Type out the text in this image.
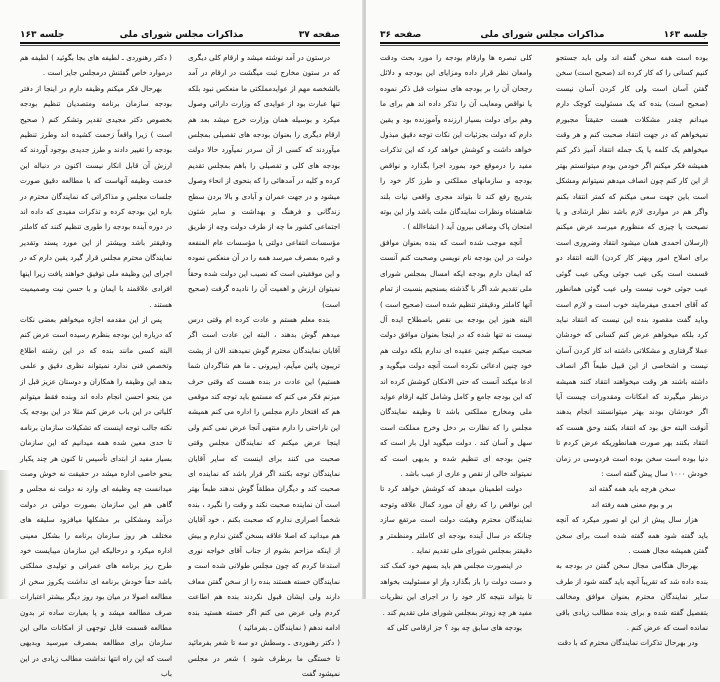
صفحه ۳۷
مذاکرات مجلس شورای ملی
جلسه ۱۶۳

درستون در آمد نوشته میشد و ارقام کلی دیگری که در ستون مخارج ثبت میگشت در ارقام در آمد بالشخصه مهم از عوایدمملکتی ما منعکس نبود بلکه تنها عبارت بود از عوایدی که وزارت دارائی وصول میکرد و بوسیله همان وزارت خرج میشد بعد هم ارقام دیگری را بعنوان بودجه های تفصیلی بمجلس میآوردند که کسی از آن سردر نمیآورد حالا دولت بودجه های کلی و تفصیلی را باهم بمجلس تقدیم کرده و کلیه در آمدهائی را که بنحوی از انحاء وصول میشود و در جهت عمران و آبادی و بالا بردن سطح زندگانی و فرهنگ و بهداشت و سایر شئون اجتماعی کشور ما چه از طرف دولت وچه از طریق مؤسسات انتفاعی دولتی یا مؤسسات عام المنفعه و غیره بمصرف میرسد همه را در آن منعکس نموده و این موفقیتی است که نصیب این دولت شده وحقاً نمیتوان ارزش و اهمیت آن را نادیده گرفت (صحیح است)

بنده معلم هستم و عادت کرده ام وقتی درس میدهم گوش بدهند ، البته این عادت است اگر آقایان نمایندگان محترم گوش نمیدهند الان از پشت تریبون پائین میآیم، (پیرونی ـ ما هم شاگردان شما هستیم) این عادت در بنده هست که وقتی حرف میزنم فکر می کنم که مستمع باید توجه کند موقعی هم که افتخار دارم مجلس را اداره می کنم همیشه این ناراحتی را دارم منتهی آنجا عرض نمی کنم ولی اینجا عرض میکنم که نمایندگان مجلس وقتی صحبت می کنند برای اینست که سایر آقایان نمایندگان توجه بکنند اگر قرار باشد که نماینده ای صحبت کند و دیگران مطلقاً گوش ندهند طبعاً بهتر است آن نماینده صحبت نکند و وقت را نگیرد ، بنده شخصاً اصراری ندارم که صحبت بکنم ، خود آقایان هم میدانید که اصلا علاقه بسخن گفتن ندارم و بیش از اینکه مزاحم بشوم از جناب آقای خواجه نوری استدعا کردم که چون مجلس طولانی شده است و نمایندگان خسته هستند بنده را از سخن گفتن معاف دارند ولی ایشان قبول نکردند بنده هم اطاعت کردم ولی عرض می کنم اگر خسته هستید بنده ادامه ندهم ( نمایندگان ـ بفرمائید )

( دکتر رهنوردی ـ وسطش دو سه تا شعر بفرمائید تا خستگی ما برطرف شود ) شعر در مجلس نمیشود گفت

( دکتر رهنوردی ـ لطیفه های بجا بگوئید ) لطیفه هم درموارد خاص گفتنش درمجلس جایز است .

بهرحال فکر میکنم وظیفه دارم در اینجا از دفتر بودجه سازمان برنامه ومتصدیان تنظیم بودجه بخصوص دکتر مجیدی تقدیر وتشکر کنم ( صحیح است ) زیرا واقعاً زحمت کشیده اند وطرز تنظیم بودجه را تغییر دادند و طرز جدیدی بوجود آوردند که ارزش آن قابل انکار نیست اکنون در دنباله این خدمت وظیفه آنهاست که با مطالعه دقیق صورت جلسات مجلس و مذاکراتی که نمایندگان محترم در باره این بودجه کرده و تذکرات مفیدی که داده اند در دوره آینده بودجه را طوری تنظیم کنند که کاملتر ودقیقتر باشد وبیشتر از این مورد پسند وتقدیر نمایندگان محترم مجلس قرار گیرد یقین دارم که در اجرای این وظیفه ملی توفیق خواهند یافت زیرا اینها افرادی علاقمند با ایمان و با حسن نیت وصمیمیت هستند .

پس از این مقدمه اجازه میخواهم بعضی نکات که درباره این بودجه بنظرم رسیده است عرض کنم البته کسی مانند بنده که در این رشته اطلاع وتخصص فنی ندارد نمیتواند نظری دقیق و علمی بدهد این وظیفه را همکاران و دوستان عزیز قبل از من بنحو احسن انجام داده اند وبنده فقط میتوانم کلیاتی در این باب عرض کنم مثلا در این بودجه یک نکته جالب توجه اینست که تشکیلات سازمان برنامه تا حدی معین شده همه میدانیم که این سازمان بسیار مفید از ابتدای تأسیس تا کنون هر چند یکبار بنحو خاصی اداره میشد در حقیقت نه خوش وصت میدانست چه وظیفه ای وارد نه دولت نه مجلس و گاهی هم این سازمان بصورت دولتی در دولت درآمد ومشکلی بر مشکلها میافزود سلیقه های مختلف هر روز سازمان برنامه را بشکل معینی اداره میکرد و درحالیکه این سازمان میبایست خود طرح ریز برنامه های عمرانی و تولیدی مملکتی باشد حقاً خودش برنامه ای نداشت یکروز سخن از مطالعه اصولا در میان بود روز دیگر بیشتر اعتبارات صرف مطالعه میشد و یا بعبارت ساده تر بدون مطالعه قسمت قابل توجهی از امکانات مالی این سازمان برای مطالعه بمصرف میرسید وبدیهی است که این راه انتها نداشت مطالب زیادی در این باب

جلسه ۱۶۳
مذاکرات مجلس شورای ملی
صفحه ۳۶

بوده است همه سخن گفته اند ولی باید جستجو کنیم کسانی را که کار کرده اند (صحیح است) سخن گفتن آسان است ولی کار کردن آسان نیست (صحیح است) بنده که یک مسئولیت کوچک دارم میدانم چقدر مشکلات هست حقیقتاً مجبورم نمیخواهم که در جهت انتقاد صحبت کنم و هر وقت میخواهم یک کلمه یا یک جمله انتقاد آمیز ذکر کنم همیشه فکر میکنم اگر خودمن بودم میتوانستم بهتر از این کار کنم چون انصاف میدهم نمیتوانم ومشکل است باین جهت سعی میکنم که کمتر انتقاد بکنم واگر هم در مواردی لازم باشد نظر ارشادی و یا نصیحت یا چیزی که منظورم میرسد عرض میکنم (ارسلان احمدی همان میشود انتقاد وضروری است برای اصلاح امور وبهتر کار کردن) البته انتقاد دو قسمت است یکی عیب جوئی ویکی عیب گوئی عیب جوئی خوب نیست ولی عیب گوئی همانطور که آقای احمدی میفرمایند خوب است و لازم است وباید گفت مقصود بنده این نیست که انتقاد نباید کرد بلکه میخواهم عرض کنم کسانی که خودشان عملا گرفتاری و مشکلاتی داشته اند کار کردن آسان نیست و اشخاصی از این قبیل طبعاً اگر انصاف داشته باشند هر وقت میخواهند انتقاد کنند همیشه درنظر میگیرند که امکانات ومقدورات چیست آیا اگر خودشان بودند بهتر میتوانستند انجام بدهند آنوقت البته حق بود که انتقاد بکنند وحق هست که انتقاد بکنند بهر صورت همانطوریکه عرض کردم تا دنیا بوده است سخن بوده است فردوسی در زمان خودش ۱۰۰۰ سال پیش گفته است :

سخن هرچه باید همه گفته اند

بر و بوم معنی همه رفته اند

هزار سال پیش از این او تصور میکرد که آنچه باید گفته شود همه گفته شده است برای سخن گفتن همیشه مجال هست .

بهرحال هنگامی مجال سخن گفتن در بودجه به بنده داده شد که تقریباً آنچه باید گفته شود از طرف سایر نمایندگان محترم بعنوان موافق ومخالف بتفصیل گفته شده و برای بنده مطالب زیادی باقی نمانده است که عرض کنم .

ودر بهرحال تذکرات نمایندگان محترم که با دقت

کلی تبصره ها وارقام بودجه را مورد بحث ودقت وامعان نظر قرار داده ومزایای این بودجه و دلائل رجحان آن را بر بودجه های سنوات قبل ذکر نموده یا نواقص ومعایب آن را تذکر داده اند هم برای ما وهم برای دولت بسیار ارزنده وآموزنده بود و یقین دارم که دولت بجزئیات این نکات توجه دقیق مبذول خواهد داشت و کوشش خواهد کرد که این تذکرات مفید را درموقع خود بمورد اجرا بگذارد و نواقص بودجه و سازمانهای مملکتی و طرز کار خود را بتدریج رفع کند تا بتواند مجری واقعی نیات بلند شاهنشاه ونظرات نمایندگان ملت باشد واز این بوته امتحان پاک وصافی بیرون آید ( انشاءالله ) .

آنچه موجب شده است که بنده بعنوان موافق دولت در این بودجه نام نویسی وصحبت کنم آنست که ایمان دارم بودجه ایکه امسال بمجلس شورای ملی تقدیم شد اگر با گذشته بسنجیم بنسبت از تمام آنها کاملتر ودقیقتر تنظیم شده است (صحیح است ) البته هنوز این بودجه بی نقص باصطلاح ایده آل نیست نه تنها شده که در اینجا بعنوان موافق دولت صحبت میکنم چنین عقیده ای ندارم بلکه دولت هم خود چنین ادعائی نکرده است آنچه دولت میگوید و ادعا میکند آنست که حتی الامکان کوشش کرده اند که این بودجه جامع و کامل وشامل کلیه ارقام عواید ملی ومخارج مملکتی باشد تا وظیفه نمایندگان مجلس را که نظارت بر دخل وخرج مملکت است سهل و آسان کند . دولت میگوید اول بار است که چنین بودجه ای تنظیم شده و بدیهی است که نمیتواند خالی از نقص و عاری از عیب باشد .

دولت اطمینان میدهد که کوشش خواهد کرد تا این نواقص را که رفع آن مورد کمال علاقه وتوجه نمایندگان محترم وهیئت دولت است مرتفع سازد چنانکه در سال آینده بودجه ای کاملتر ومنظمتر و دقیقتر بمجلس شورای ملی تقدیم نماید .

در اینصورت مجلس هم باید بسهم خود کمک کند و دست دولت را باز بگذارد واز او مسئولیت بخواهد تا بتواند نتیجه کار خود را در اجرای این نظریات مفید هر چه زودتر بمجلس شورای ملی تقدیم کند .

بودجه های سابق چه بود ؟ جز ارقامی کلی که
